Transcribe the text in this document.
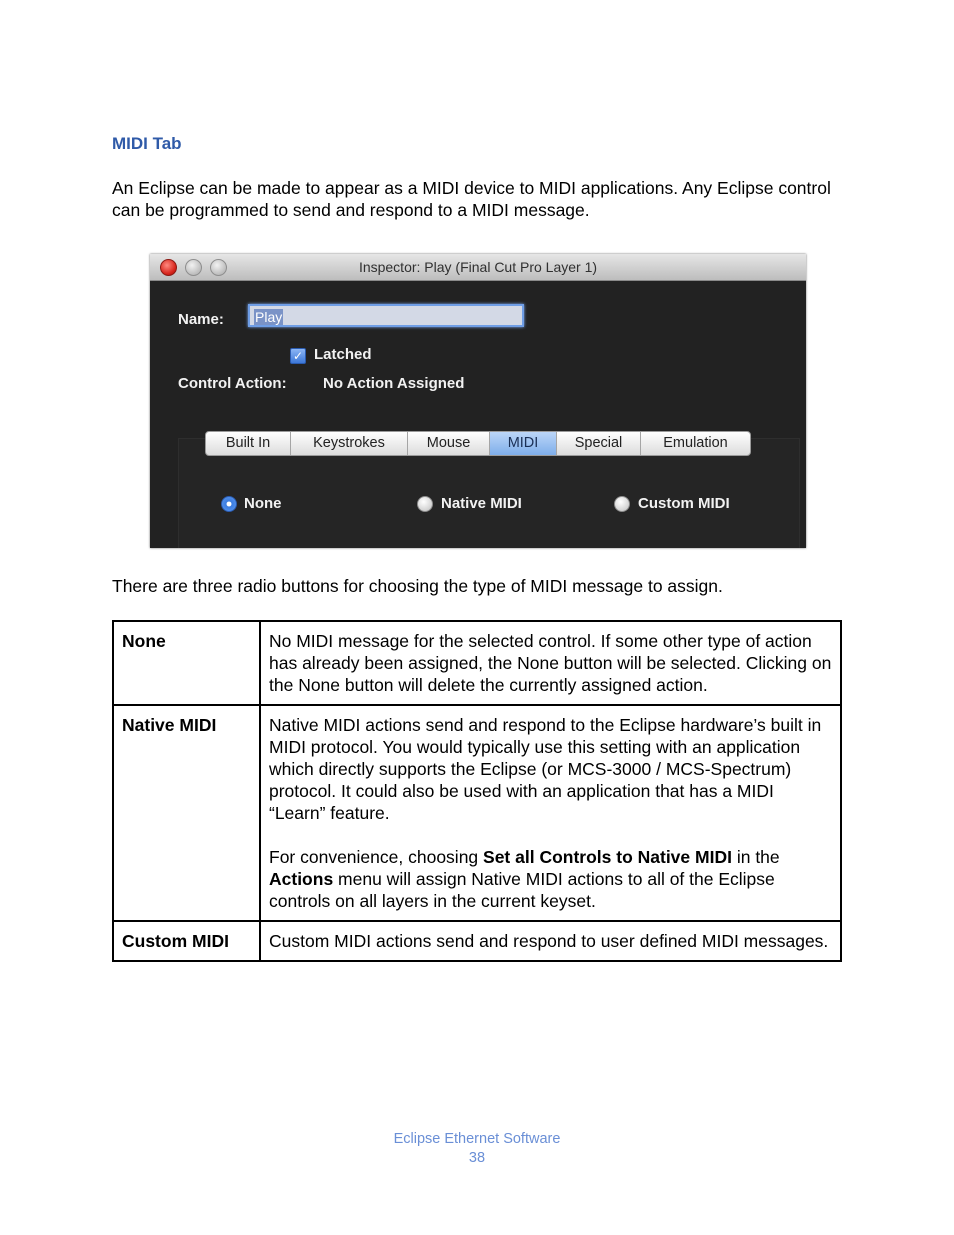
MIDI Tab
An Eclipse can be made to appear as a MIDI device to MIDI applications. Any Eclipse control can be programmed to send and respond to a MIDI message.
Inspector: Play (Final Cut Pro Layer 1)
Name:	Play
✓ Latched
Control Action: No Action Assigned
Built In	Keystrokes	Mouse	MIDI	Special	Emulation
None	Native MIDI	Custom MIDI
There are three radio buttons for choosing the type of MIDI message to assign.
None	No MIDI message for the selected control. If some other type of action has already been assigned, the None button will be selected. Clicking on the None button will delete the currently assigned action.

Native MIDI	Native MIDI actions send and respond to the Eclipse hardware’s built in MIDI protocol. You would typically use this setting with an application which directly supports the Eclipse (or MCS-3000 / MCS-Spectrum) protocol. It could also be used with an application that has a MIDI “Learn” feature.

For convenience, choosing Set all Controls to Native MIDI in the Actions menu will assign Native MIDI actions to all of the Eclipse controls on all layers in the current keyset.

Custom MIDI	Custom MIDI actions send and respond to user defined MIDI messages.

Eclipse Ethernet Software
38
